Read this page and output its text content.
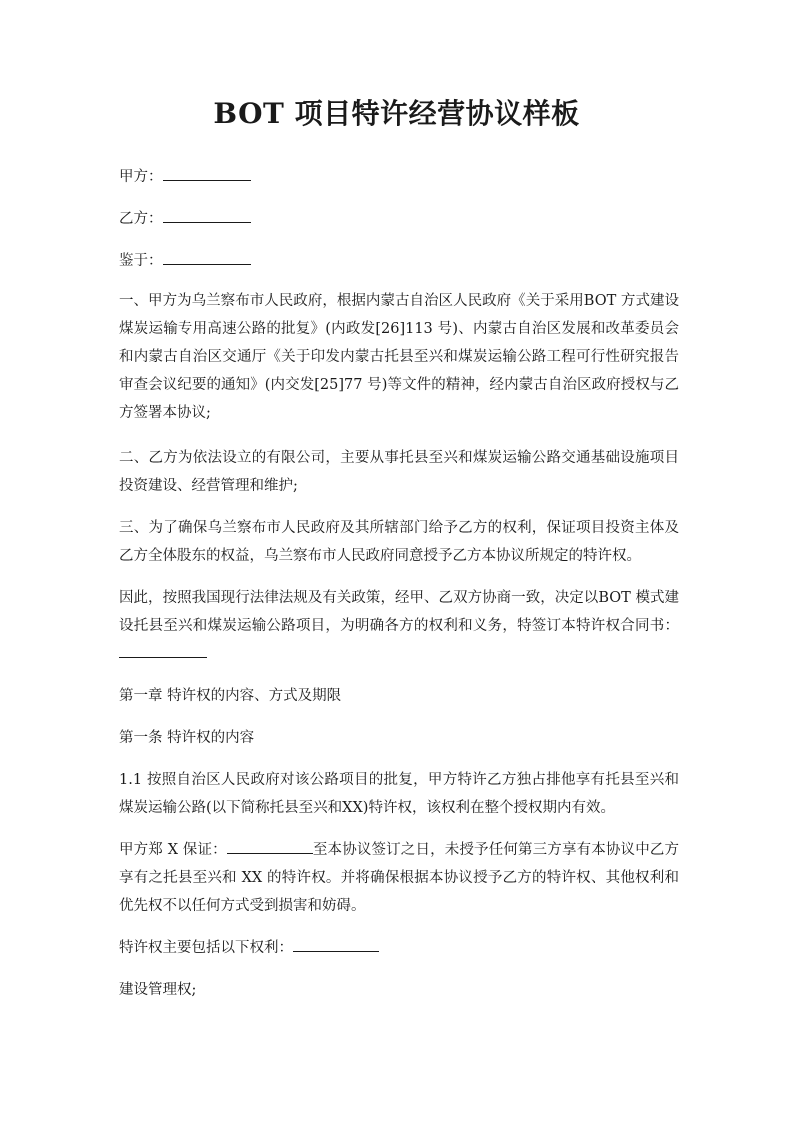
BOT 项目特许经营协议样板

甲方：

乙方：

鉴于：

一、甲方为乌兰察布市人民政府，根据内蒙古自治区人民政府《关于采用BOT 方式建设煤炭运输专用高速公路的批复》(内政发[26]113 号)、内蒙古自治区发展和改革委员会和内蒙古自治区交通厅《关于印发内蒙古托县至兴和煤炭运输公路工程可行性研究报告审查会议纪要的通知》(内交发[25]77 号)等文件的精神，经内蒙古自治区政府授权与乙方签署本协议;

二、乙方为依法设立的有限公司，主要从事托县至兴和煤炭运输公路交通基础设施项目投资建设、经营管理和维护;

三、为了确保乌兰察布市人民政府及其所辖部门给予乙方的权利，保证项目投资主体及乙方全体股东的权益，乌兰察布市人民政府同意授予乙方本协议所规定的特许权。

因此，按照我国现行法律法规及有关政策，经甲、乙双方协商一致，决定以BOT 模式建设托县至兴和煤炭运输公路项目，为明确各方的权利和义务，特签订本特许权合同书：

第一章 特许权的内容、方式及期限

第一条 特许权的内容

1.1 按照自治区人民政府对该公路项目的批复，甲方特许乙方独占排他享有托县至兴和煤炭运输公路(以下简称托县至兴和XX)特许权，该权利在整个授权期内有效。

甲方郑 X 保证：	至本协议签订之日，未授予任何第三方享有本协议中乙方享有之托县至兴和 XX 的特许权。并将确保根据本协议授予乙方的特许权、其他权利和优先权不以任何方式受到损害和妨碍。

特许权主要包括以下权利：

建设管理权;
